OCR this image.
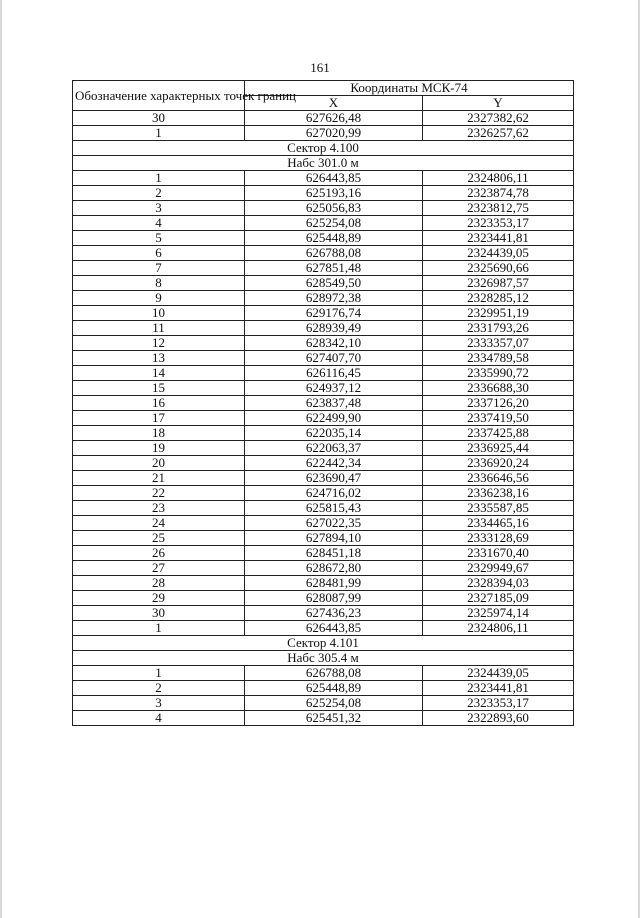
161
Обозначение характерных точек границ	Координаты МСК-74	
	X	Y
30	627626,48	2327382,62
1	627020,99	2326257,62
Сектор 4.100		
Набс 301.0 м		
1	626443,85	2324806,11
2	625193,16	2323874,78
3	625056,83	2323812,75
4	625254,08	2323353,17
5	625448,89	2323441,81
6	626788,08	2324439,05
7	627851,48	2325690,66
8	628549,50	2326987,57
9	628972,38	2328285,12
10	629176,74	2329951,19
11	628939,49	2331793,26
12	628342,10	2333357,07
13	627407,70	2334789,58
14	626116,45	2335990,72
15	624937,12	2336688,30
16	623837,48	2337126,20
17	622499,90	2337419,50
18	622035,14	2337425,88
19	622063,37	2336925,44
20	622442,34	2336920,24
21	623690,47	2336646,56
22	624716,02	2336238,16
23	625815,43	2335587,85
24	627022,35	2334465,16
25	627894,10	2333128,69
26	628451,18	2331670,40
27	628672,80	2329949,67
28	628481,99	2328394,03
29	628087,99	2327185,09
30	627436,23	2325974,14
1	626443,85	2324806,11
Сектор 4.101		
Набс 305.4 м		
1	626788,08	2324439,05
2	625448,89	2323441,81
3	625254,08	2323353,17
4	625451,32	2322893,60
